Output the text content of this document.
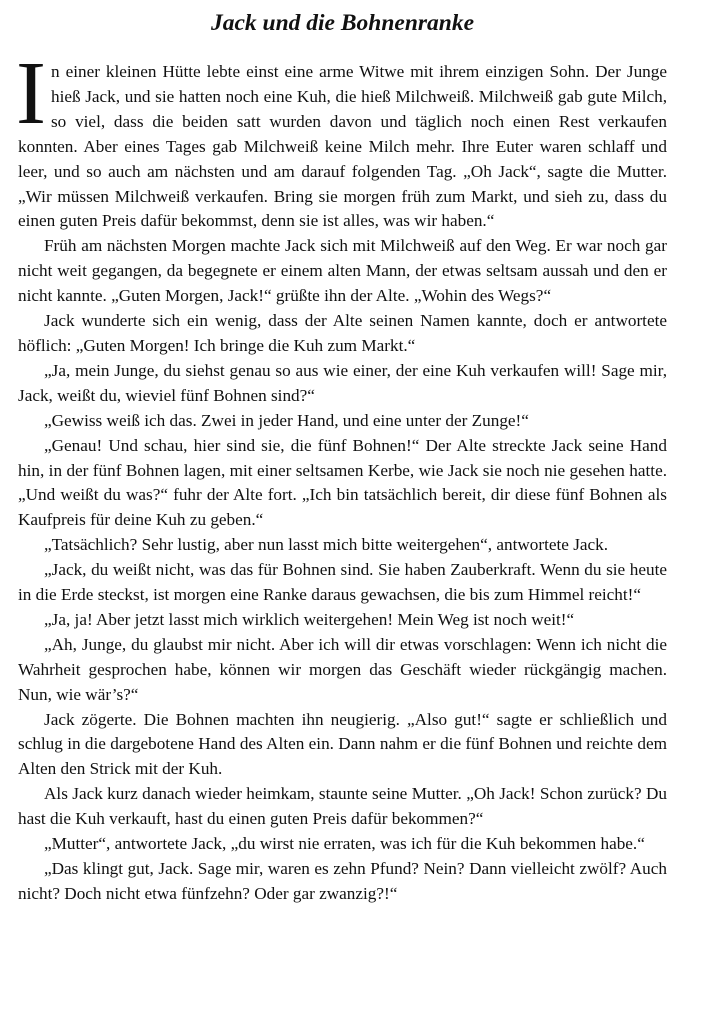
Jack und die Bohnenranke

In einer kleinen Hütte lebte einst eine arme Witwe mit ihrem einzigen Sohn. Der Junge hieß Jack, und sie hatten noch eine Kuh, die hieß Milchweiß. Milchweiß gab gute Milch, so viel, dass die beiden satt wurden davon und täglich noch einen Rest verkaufen konnten. Aber eines Tages gab Milchweiß keine Milch mehr. Ihre Euter waren schlaff und leer, und so auch am nächsten und am darauf folgenden Tag. „Oh Jack“, sagte die Mutter. „Wir müssen Milchweiß verkaufen. Bring sie morgen früh zum Markt, und sieh zu, dass du einen guten Preis dafür bekommst, denn sie ist alles, was wir haben.“

Früh am nächsten Morgen machte Jack sich mit Milchweiß auf den Weg. Er war noch gar nicht weit gegangen, da begegnete er einem alten Mann, der etwas seltsam aussah und den er nicht kannte. „Guten Morgen, Jack!“ grüßte ihn der Alte. „Wohin des Wegs?“

Jack wunderte sich ein wenig, dass der Alte seinen Namen kannte, doch er antwortete höflich: „Guten Morgen! Ich bringe die Kuh zum Markt.“

„Ja, mein Junge, du siehst genau so aus wie einer, der eine Kuh verkaufen will! Sage mir, Jack, weißt du, wieviel fünf Bohnen sind?“

„Gewiss weiß ich das. Zwei in jeder Hand, und eine unter der Zunge!“

„Genau! Und schau, hier sind sie, die fünf Bohnen!“ Der Alte streckte Jack seine Hand hin, in der fünf Bohnen lagen, mit einer seltsamen Kerbe, wie Jack sie noch nie gesehen hatte. „Und weißt du was?“ fuhr der Alte fort. „Ich bin tatsächlich bereit, dir diese fünf Bohnen als Kaufpreis für deine Kuh zu geben.“

„Tatsächlich? Sehr lustig, aber nun lasst mich bitte weitergehen“, antwortete Jack.

„Jack, du weißt nicht, was das für Bohnen sind. Sie haben Zauberkraft. Wenn du sie heute in die Erde steckst, ist morgen eine Ranke daraus gewachsen, die bis zum Himmel reicht!“

„Ja, ja! Aber jetzt lasst mich wirklich weitergehen! Mein Weg ist noch weit!“

„Ah, Junge, du glaubst mir nicht. Aber ich will dir etwas vorschlagen: Wenn ich nicht die Wahrheit gesprochen habe, können wir morgen das Geschäft wieder rückgängig machen. Nun, wie wär’s?“

Jack zögerte. Die Bohnen machten ihn neugierig. „Also gut!“ sagte er schließlich und schlug in die dargebotene Hand des Alten ein. Dann nahm er die fünf Bohnen und reichte dem Alten den Strick mit der Kuh.

Als Jack kurz danach wieder heimkam, staunte seine Mutter. „Oh Jack! Schon zurück? Du hast die Kuh verkauft, hast du einen guten Preis dafür bekommen?“

„Mutter“, antwortete Jack, „du wirst nie erraten, was ich für die Kuh bekommen habe.“

„Das klingt gut, Jack. Sage mir, waren es zehn Pfund? Nein? Dann vielleicht zwölf? Auch nicht? Doch nicht etwa fünfzehn? Oder gar zwanzig?!“
